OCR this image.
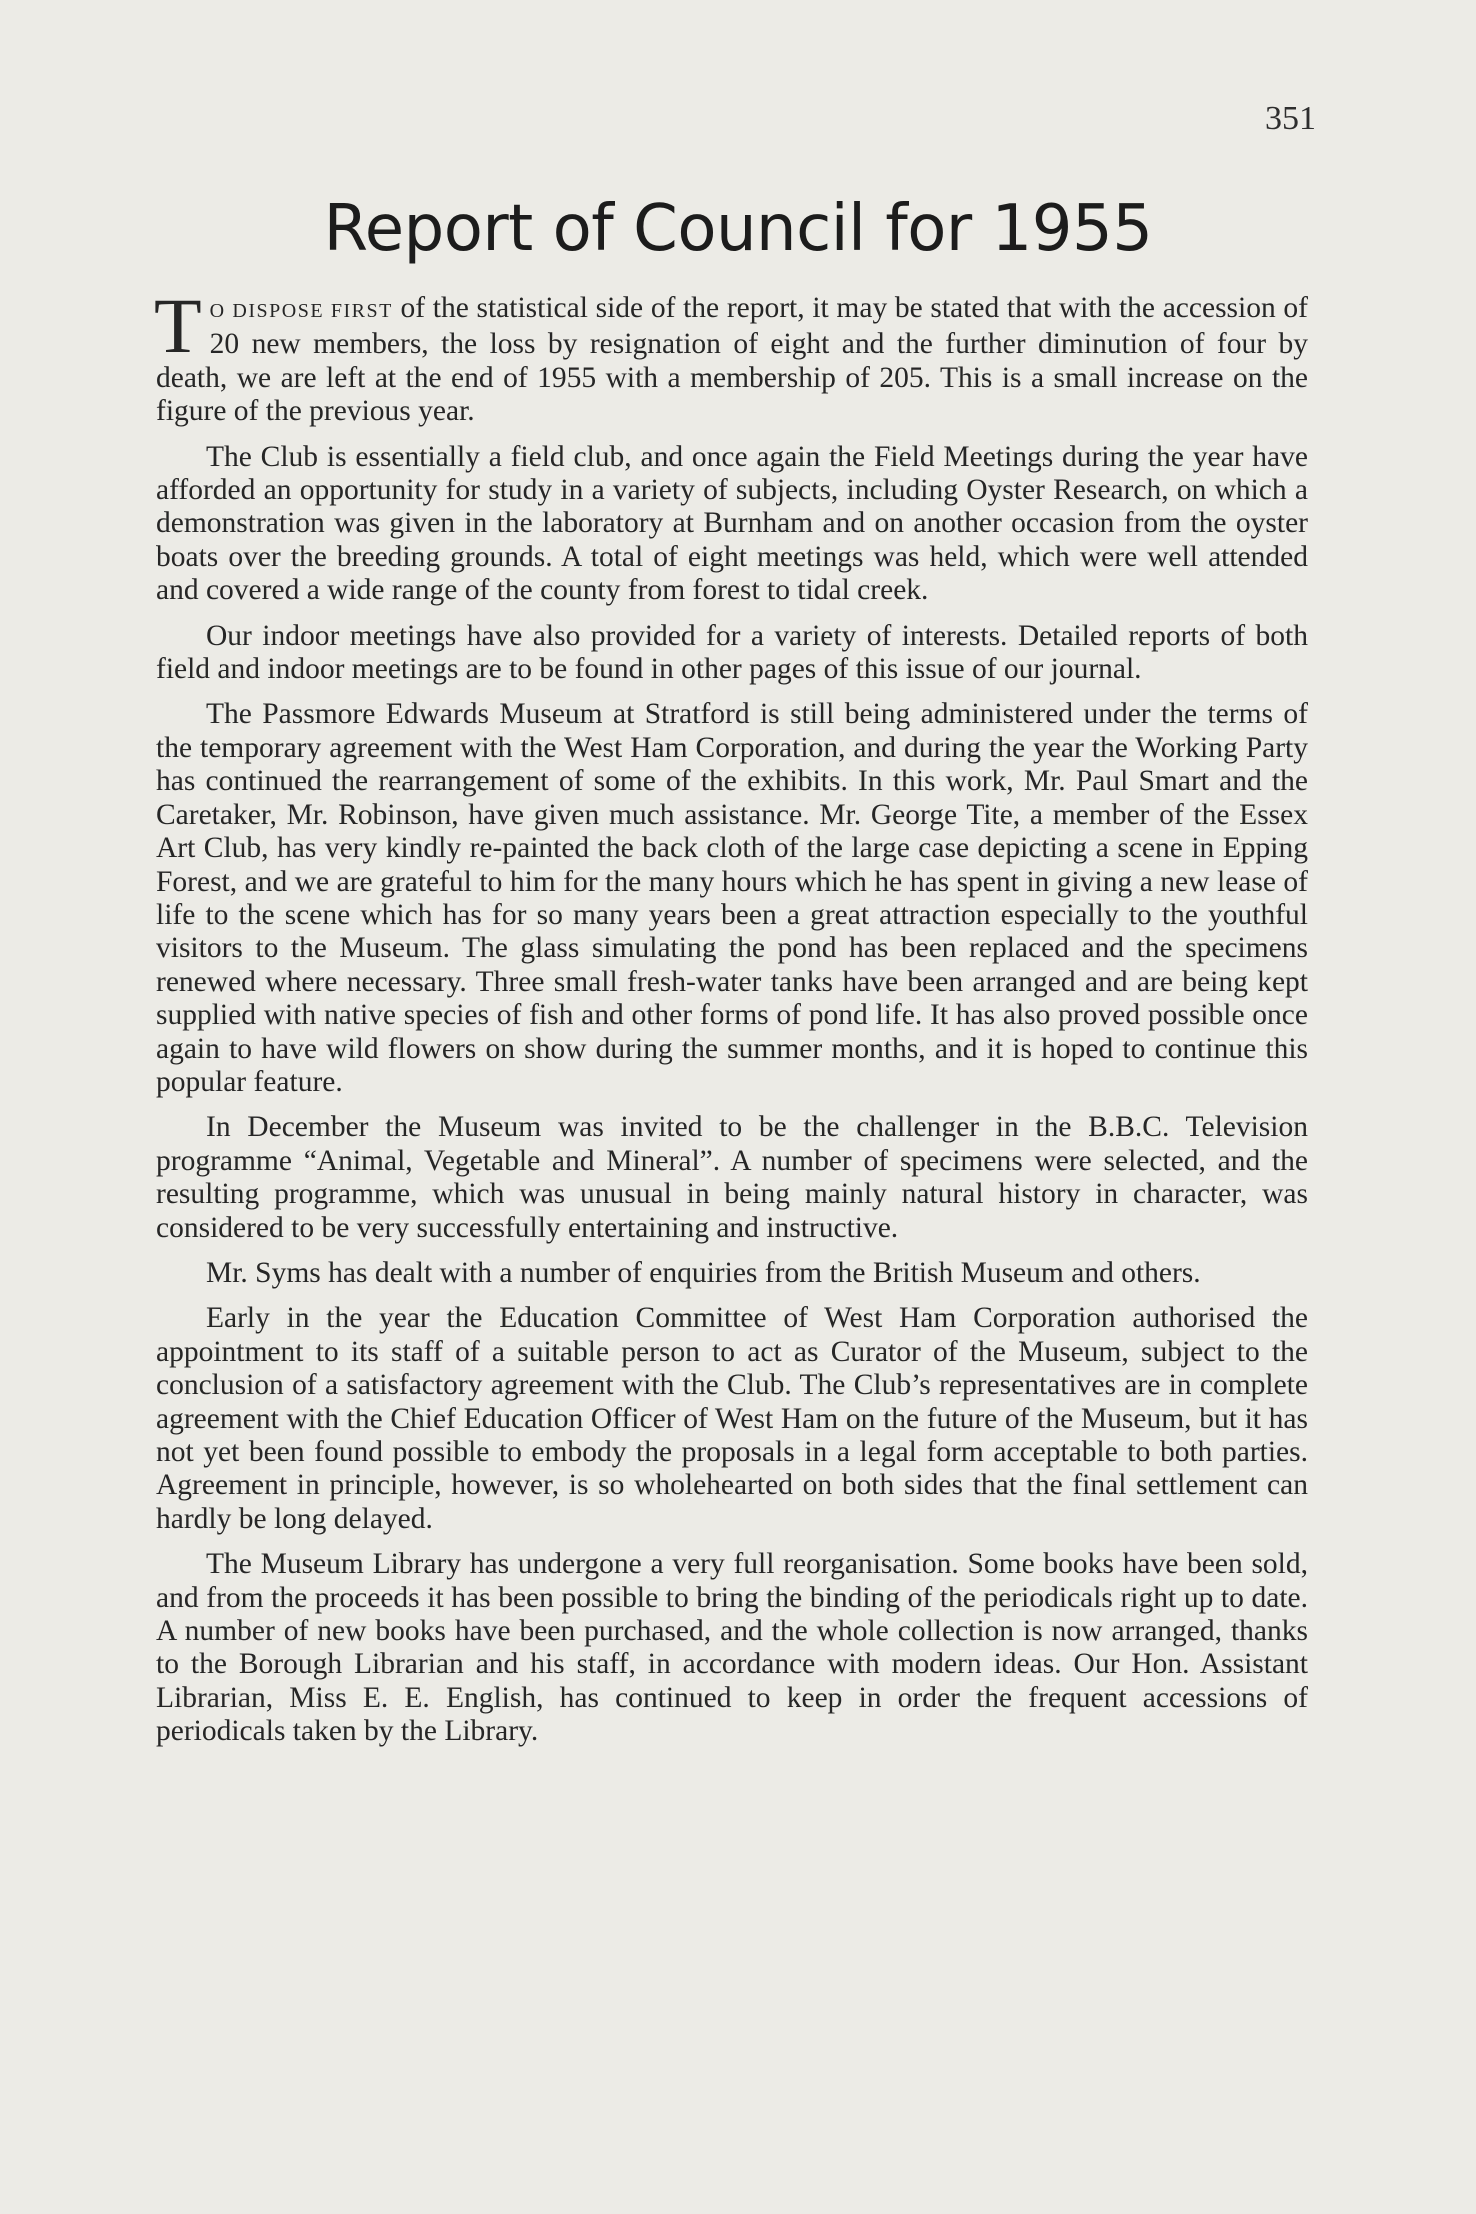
351
Report of Council for 1955

T O DISPOSE FIRST of the statistical side of the report, it may be stated that with the accession of 20 new members, the loss by resignation of eight and the further diminution of four by death, we are left at the end of 1955 with a membership of 205. This is a small increase on the figure of the previous year.

The Club is essentially a field club, and once again the Field Meetings during the year have afforded an opportunity for study in a variety of subjects, including Oyster Research, on which a demonstration was given in the laboratory at Burnham and on another occasion from the oyster boats over the breeding grounds. A total of eight meetings was held, which were well attended and covered a wide range of the county from forest to tidal creek.

Our indoor meetings have also provided for a variety of interests. Detailed reports of both field and indoor meetings are to be found in other pages of this issue of our journal.

The Passmore Edwards Museum at Stratford is still being administered under the terms of the temporary agreement with the West Ham Corporation, and during the year the Working Party has continued the rearrangement of some of the exhibits. In this work, Mr. Paul Smart and the Caretaker, Mr. Robinson, have given much assistance. Mr. George Tite, a member of the Essex Art Club, has very kindly re-painted the back cloth of the large case depicting a scene in Epping Forest, and we are grateful to him for the many hours which he has spent in giving a new lease of life to the scene which has for so many years been a great attraction especially to the youthful visitors to the Museum. The glass simulating the pond has been replaced and the specimens renewed where necessary. Three small fresh-water tanks have been arranged and are being kept supplied with native species of fish and other forms of pond life. It has also proved possible once again to have wild flowers on show during the summer months, and it is hoped to continue this popular feature.

In December the Museum was invited to be the challenger in the B.B.C. Television programme “Animal, Vegetable and Mineral”. A number of specimens were selected, and the resulting programme, which was unusual in being mainly natural history in character, was considered to be very successfully entertaining and instructive.

Mr. Syms has dealt with a number of enquiries from the British Museum and others.

Early in the year the Education Committee of West Ham Corporation authorised the appointment to its staff of a suitable person to act as Curator of the Museum, subject to the conclusion of a satisfactory agreement with the Club. The Club’s representatives are in complete agreement with the Chief Education Officer of West Ham on the future of the Museum, but it has not yet been found possible to embody the proposals in a legal form acceptable to both parties. Agreement in principle, however, is so wholehearted on both sides that the final settlement can hardly be long delayed.

The Museum Library has undergone a very full reorganisation. Some books have been sold, and from the proceeds it has been possible to bring the binding of the periodicals right up to date. A number of new books have been purchased, and the whole collection is now arranged, thanks to the Borough Librarian and his staff, in accordance with modern ideas. Our Hon. Assistant Librarian, Miss E. E. English, has continued to keep in order the frequent accessions of periodicals taken by the Library.
